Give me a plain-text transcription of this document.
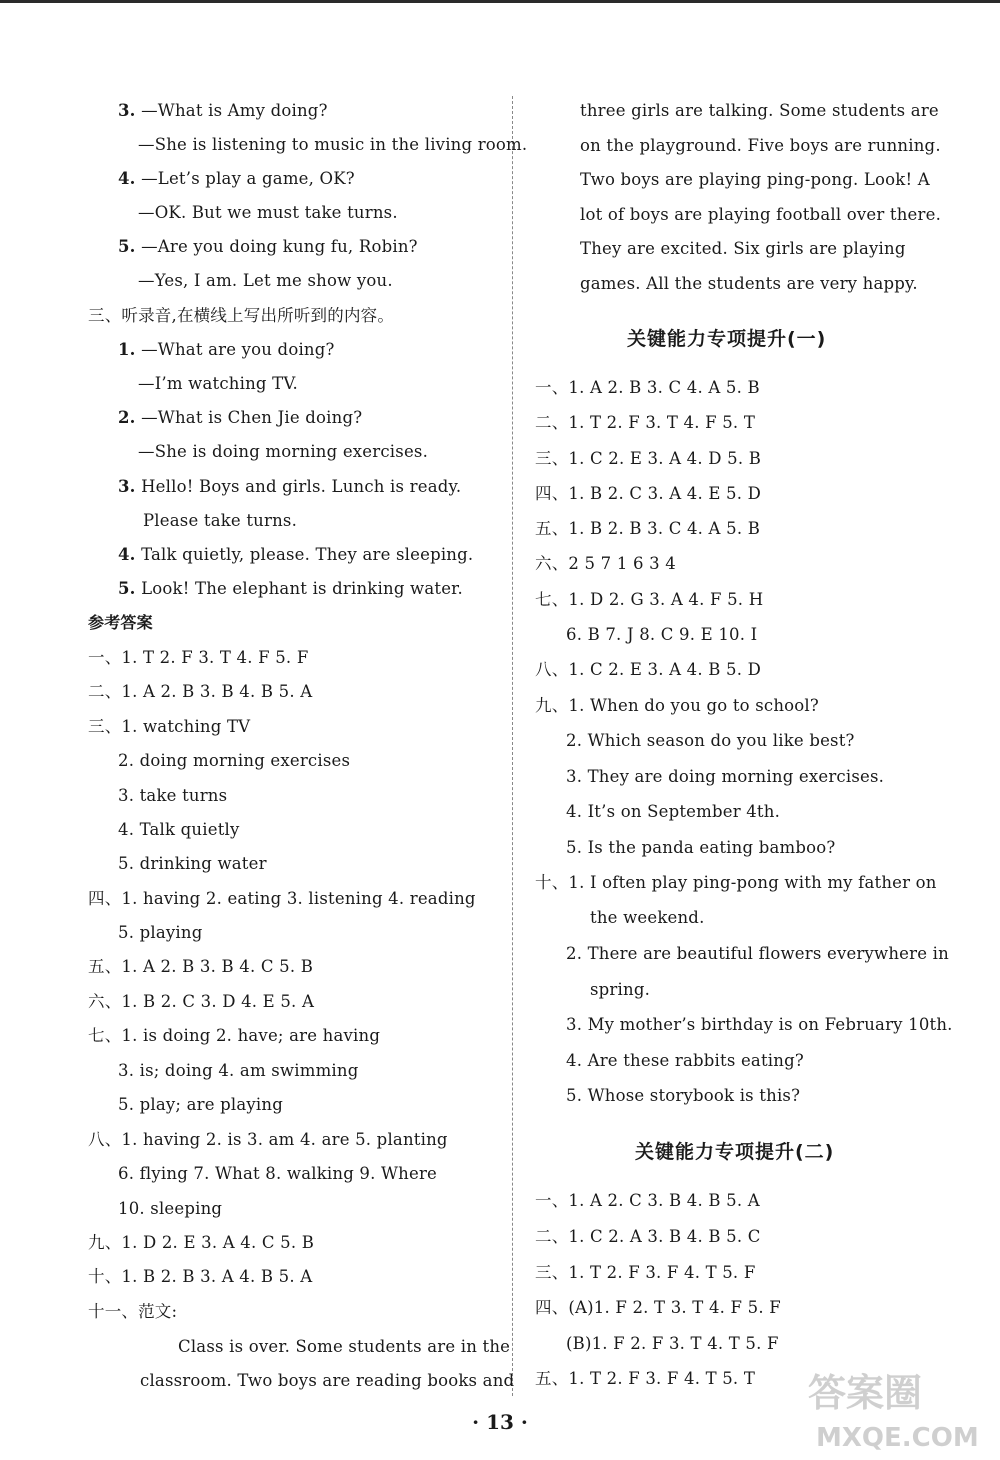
3. —What is Amy doing?
—She is listening to music in the living room.
4. —Let’s play a game, OK?
—OK. But we must take turns.
5. —Are you doing kung fu, Robin?
—Yes, I am. Let me show you.
三、听录音,在横线上写出所听到的内容。
1. —What are you doing?
—I’m watching TV.
2. —What is Chen Jie doing?
—She is doing morning exercises.
3. Hello! Boys and girls. Lunch is ready.
Please take turns.
4. Talk quietly, please. They are sleeping.
5. Look! The elephant is drinking water.
参考答案
一、1. T 2. F 3. T 4. F 5. F
二、1. A 2. B 3. B 4. B 5. A
三、1. watching TV
2. doing morning exercises
3. take turns
4. Talk quietly
5. drinking water
四、1. having 2. eating 3. listening 4. reading
5. playing
五、1. A 2. B 3. B 4. C 5. B
六、1. B 2. C 3. D 4. E 5. A
七、1. is doing 2. have; are having
3. is; doing 4. am swimming
5. play; are playing
八、1. having 2. is 3. am 4. are 5. planting
6. flying 7. What 8. walking 9. Where
10. sleeping
九、1. D 2. E 3. A 4. C 5. B
十、1. B 2. B 3. A 4. B 5. A
十一、范文:
Class is over. Some students are in the
classroom. Two boys are reading books and
three girls are talking. Some students are
on the playground. Five boys are running.
Two boys are playing ping-pong. Look! A
lot of boys are playing football over there.
They are excited. Six girls are playing
games. All the students are very happy.
关键能力专项提升(一)
一、1. A 2. B 3. C 4. A 5. B
二、1. T 2. F 3. T 4. F 5. T
三、1. C 2. E 3. A 4. D 5. B
四、1. B 2. C 3. A 4. E 5. D
五、1. B 2. B 3. C 4. A 5. B
六、2 5 7 1 6 3 4
七、1. D 2. G 3. A 4. F 5. H
6. B 7. J 8. C 9. E 10. I
八、1. C 2. E 3. A 4. B 5. D
九、1. When do you go to school?
2. Which season do you like best?
3. They are doing morning exercises.
4. It’s on September 4th.
5. Is the panda eating bamboo?
十、1. I often play ping-pong with my father on
the weekend.
2. There are beautiful flowers everywhere in
spring.
3. My mother’s birthday is on February 10th.
4. Are these rabbits eating?
5. Whose storybook is this?
关键能力专项提升(二)
一、1. A 2. C 3. B 4. B 5. A
二、1. C 2. A 3. B 4. B 5. C
三、1. T 2. F 3. F 4. T 5. F
四、(A)1. F 2. T 3. T 4. F 5. F
(B)1. F 2. F 3. T 4. T 5. F
五、1. T 2. F 3. F 4. T 5. T
· 13 ·
答案圈
MXQE.COM
